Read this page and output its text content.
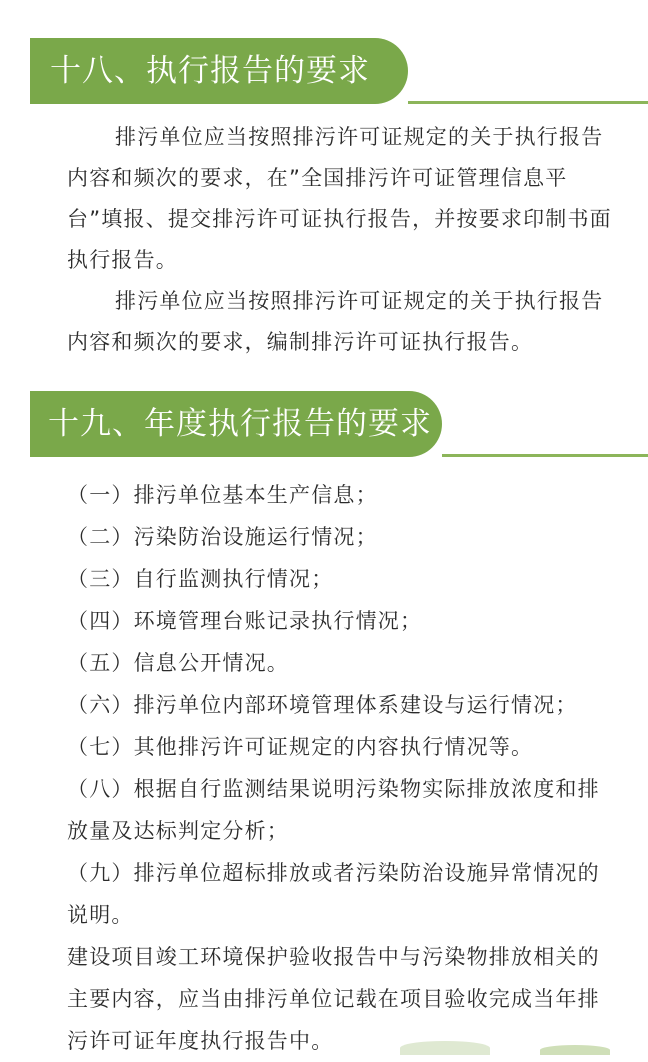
十八、执行报告的要求

排污单位应当按照排污许可证规定的关于执行报告内容和频次的要求，在”全国排污许可证管理信息平台”填报、提交排污许可证执行报告，并按要求印制书面执行报告。

排污单位应当按照排污许可证规定的关于执行报告内容和频次的要求，编制排污许可证执行报告。

十九、年度执行报告的要求
（一）排污单位基本生产信息；
（二）污染防治设施运行情况；
（三）自行监测执行情况；
（四）环境管理台账记录执行情况；
（五）信息公开情况。
（六）排污单位内部环境管理体系建设与运行情况；
（七）其他排污许可证规定的内容执行情况等。
（八）根据自行监测结果说明污染物实际排放浓度和排放量及达标判定分析；
（九）排污单位超标排放或者污染防治设施异常情况的说明。
建设项目竣工环境保护验收报告中与污染物排放相关的主要内容，应当由排污单位记载在项目验收完成当年排污许可证年度执行报告中。
